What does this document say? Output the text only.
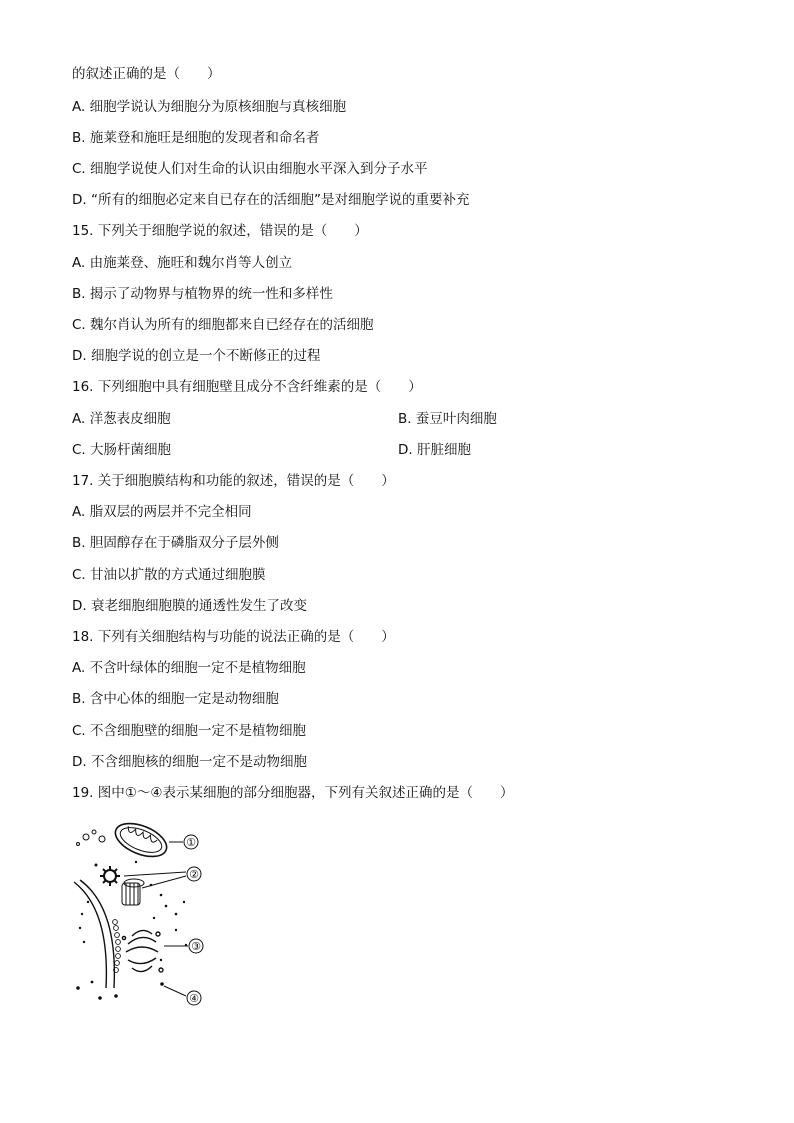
的叙述正确的是（　　）
A. 细胞学说认为细胞分为原核细胞与真核细胞
B. 施莱登和施旺是细胞的发现者和命名者
C. 细胞学说使人们对生命的认识由细胞水平深入到分子水平
D. “所有的细胞必定来自已存在的活细胞”是对细胞学说的重要补充
15. 下列关于细胞学说的叙述，错误的是（　　）
A. 由施莱登、施旺和魏尔肖等人创立
B. 揭示了动物界与植物界的统一性和多样性
C. 魏尔肖认为所有的细胞都来自已经存在的活细胞
D. 细胞学说的创立是一个不断修正的过程
16. 下列细胞中具有细胞壁且成分不含纤维素的是（　　）
A. 洋葱表皮细胞	B. 蚕豆叶肉细胞
C. 大肠杆菌细胞	D. 肝脏细胞
17. 关于细胞膜结构和功能的叙述，错误的是（　　）
A. 脂双层的两层并不完全相同
B. 胆固醇存在于磷脂双分子层外侧
C. 甘油以扩散的方式通过细胞膜
D. 衰老细胞细胞膜的通透性发生了改变
18. 下列有关细胞结构与功能的说法正确的是（　　）
A. 不含叶绿体的细胞一定不是植物细胞
B. 含中心体的细胞一定是动物细胞
C. 不含细胞壁的细胞一定不是植物细胞
D. 不含细胞核的细胞一定不是动物细胞
19. 图中①～④表示某细胞的部分细胞器，下列有关叙述正确的是（　　）
①
②
③
④
